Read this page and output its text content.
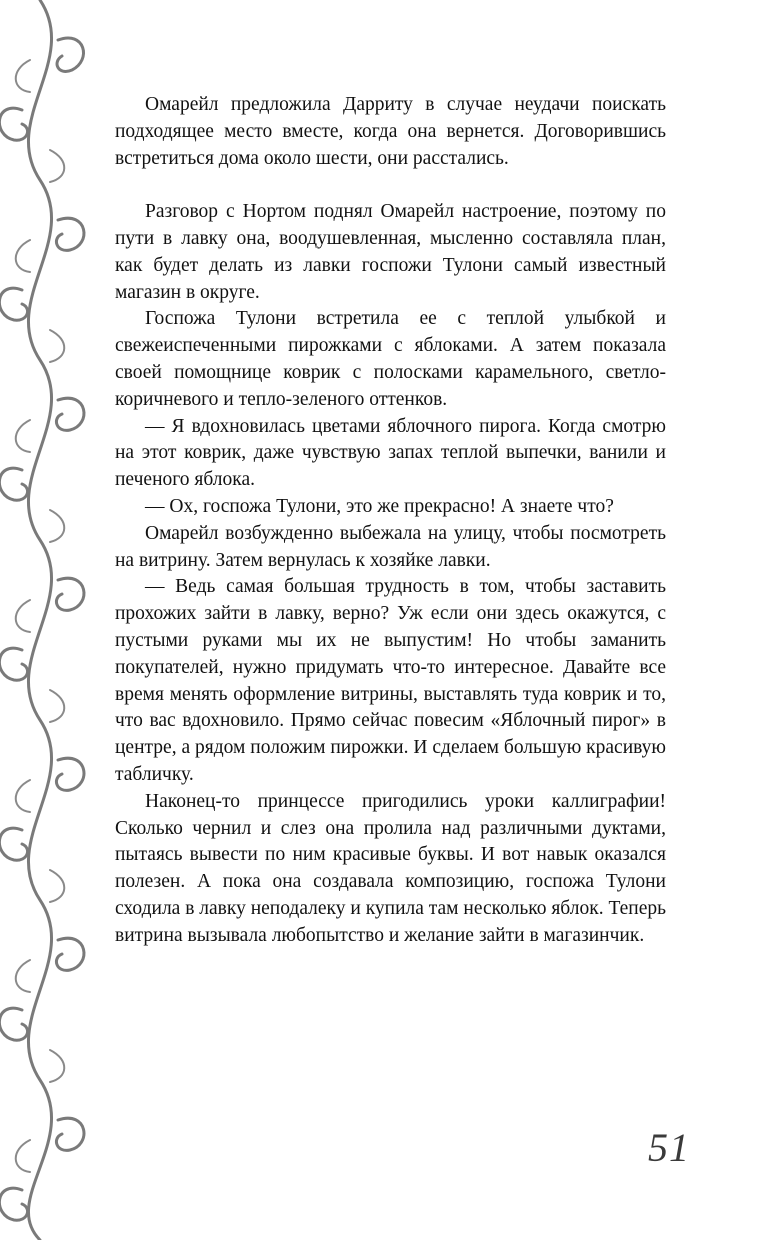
Омарейл предложила Дарриту в случае неудачи поискать подходящее место вместе, когда она вернется. Договорившись встретиться дома около шести, они расстались.

Разговор с Нортом поднял Омарейл настроение, поэтому по пути в лавку она, воодушевленная, мысленно составляла план, как будет делать из лавки госпожи Тулони самый известный магазин в округе.

Госпожа Тулони встретила ее с теплой улыбкой и свежеиспеченными пирожками с яблоками. А затем показала своей помощнице коврик с полосками карамельного, светло-коричневого и тепло-зеленого оттенков.

— Я вдохновилась цветами яблочного пирога. Когда смотрю на этот коврик, даже чувствую запах теплой выпечки, ванили и печеного яблока.

— Ох, госпожа Тулони, это же прекрасно! А знаете что?

Омарейл возбужденно выбежала на улицу, чтобы посмотреть на витрину. Затем вернулась к хозяйке лавки.

— Ведь самая большая трудность в том, чтобы заставить прохожих зайти в лавку, верно? Уж если они здесь окажутся, с пустыми руками мы их не выпустим! Но чтобы заманить покупателей, нужно придумать что-то интересное. Давайте все время менять оформление витрины, выставлять туда коврик и то, что вас вдохновило. Прямо сейчас повесим «Яблочный пирог» в центре, а рядом положим пирожки. И сделаем большую красивую табличку.

Наконец-то принцессе пригодились уроки каллиграфии! Сколько чернил и слез она пролила над различными дуктами, пытаясь вывести по ним красивые буквы. И вот навык оказался полезен. А пока она создавала композицию, госпожа Тулони сходила в лавку неподалеку и купила там несколько яблок. Теперь витрина вызывала любопытство и желание зайти в магазинчик.

51
